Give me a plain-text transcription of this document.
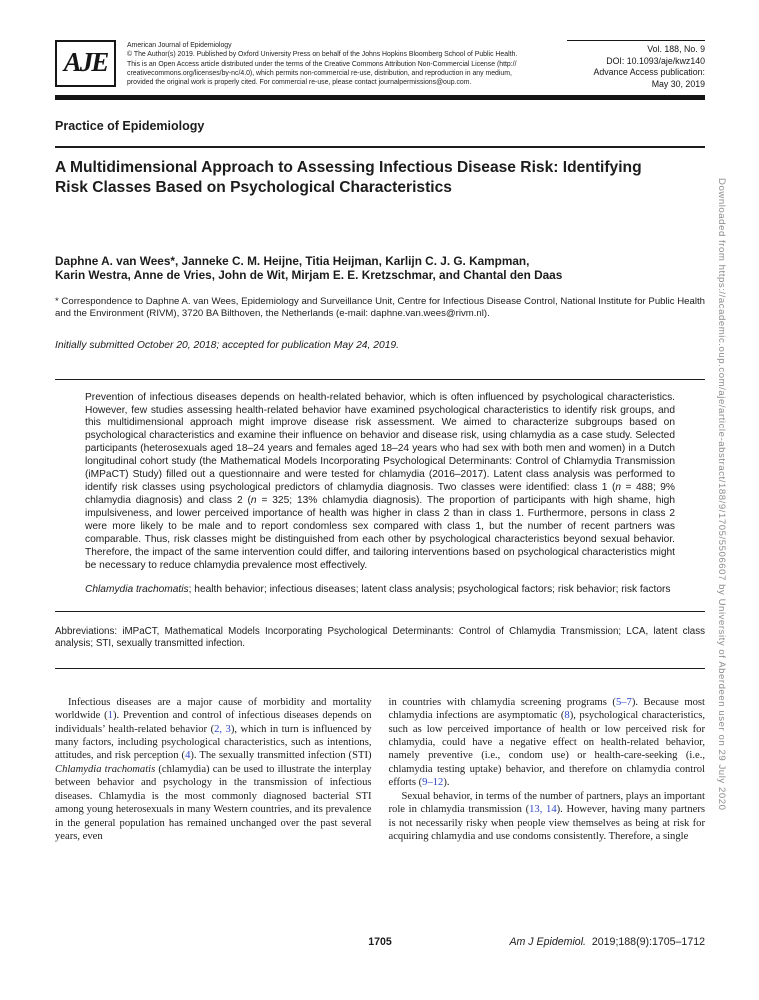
AJE
American Journal of Epidemiology
© The Author(s) 2019. Published by Oxford University Press on behalf of the Johns Hopkins Bloomberg School of Public Health.
This is an Open Access article distributed under the terms of the Creative Commons Attribution Non-Commercial License (http://
creativecommons.org/licenses/by-nc/4.0), which permits non-commercial re-use, distribution, and reproduction in any medium,
provided the original work is properly cited. For commercial re-use, please contact journalpermissions@oup.com.
Vol. 188, No. 9
DOI: 10.1093/aje/kwz140
Advance Access publication:
May 30, 2019
Practice of Epidemiology
A Multidimensional Approach to Assessing Infectious Disease Risk: Identifying Risk Classes Based on Psychological Characteristics
Daphne A. van Wees*, Janneke C. M. Heijne, Titia Heijman, Karlijn C. J. G. Kampman,
Karin Westra, Anne de Vries, John de Wit, Mirjam E. E. Kretzschmar, and Chantal den Daas
* Correspondence to Daphne A. van Wees, Epidemiology and Surveillance Unit, Centre for Infectious Disease Control, National Institute for Public Health and the Environment (RIVM), 3720 BA Bilthoven, the Netherlands (e-mail: daphne.van.wees@rivm.nl).
Initially submitted October 20, 2018; accepted for publication May 24, 2019.
Prevention of infectious diseases depends on health-related behavior, which is often influenced by psychological characteristics. However, few studies assessing health-related behavior have examined psychological characteristics to identify risk groups, and this multidimensional approach might improve disease risk assessment. We aimed to characterize subgroups based on psychological characteristics and examine their influence on behavior and disease risk, using chlamydia as a case study. Selected participants (heterosexuals aged 18–24 years and females aged 18–24 years who had sex with both men and women) in a Dutch longitudinal cohort study (the Mathematical Models Incorporating Psychological Determinants: Control of Chlamydia Transmission (iMPaCT) Study) filled out a questionnaire and were tested for chlamydia (2016–2017). Latent class analysis was performed to identify risk classes using psychological predictors of chlamydia diagnosis. Two classes were identified: class 1 (n = 488; 9% chlamydia diagnosis) and class 2 (n = 325; 13% chlamydia diagnosis). The proportion of participants with high shame, high impulsiveness, and lower perceived importance of health was higher in class 2 than in class 1. Furthermore, persons in class 2 were more likely to be male and to report condomless sex compared with class 1, but the number of recent partners was comparable. Thus, risk classes might be distinguished from each other by psychological characteristics beyond sexual behavior. Therefore, the impact of the same intervention could differ, and tailoring interventions based on psychological characteristics might be necessary to reduce chlamydia prevalence most effectively.
Chlamydia trachomatis; health behavior; infectious diseases; latent class analysis; psychological factors; risk behavior; risk factors
Abbreviations: iMPaCT, Mathematical Models Incorporating Psychological Determinants: Control of Chlamydia Transmission; LCA, latent class analysis; STI, sexually transmitted infection.

Infectious diseases are a major cause of morbidity and mortality worldwide (1). Prevention and control of infectious diseases depends on individuals’ health-related behavior (2, 3), which in turn is influenced by many factors, including psychological characteristics, such as intentions, attitudes, and risk perception (4). The sexually transmitted infection (STI) Chlamydia trachomatis (chlamydia) can be used to illustrate the interplay between behavior and psychology in the transmission of infectious diseases. Chlamydia is the most commonly diagnosed bacterial STI among young heterosexuals in many Western countries, and its prevalence in the general population has remained unchanged over the past several years, even

in countries with chlamydia screening programs (5–7). Because most chlamydia infections are asymptomatic (8), psychological characteristics, such as low perceived importance of health or low perceived risk for chlamydia, could have a negative effect on health-related behavior, namely preventive (i.e., condom use) or health-care-seeking (i.e., chlamydia testing uptake) behavior, and therefore on chlamydia control efforts (9–12).

Sexual behavior, in terms of the number of partners, plays an important role in chlamydia transmission (13, 14). However, having many partners is not necessarily risky when people view themselves as being at risk for acquiring chlamydia and use condoms consistently. Therefore, a single

1705	Am J Epidemiol.  2019;188(9):1705–1712
Downloaded from https://academic.oup.com/aje/article-abstract/188/9/1705/5506607 by University of Aberdeen user on 29 July 2020
